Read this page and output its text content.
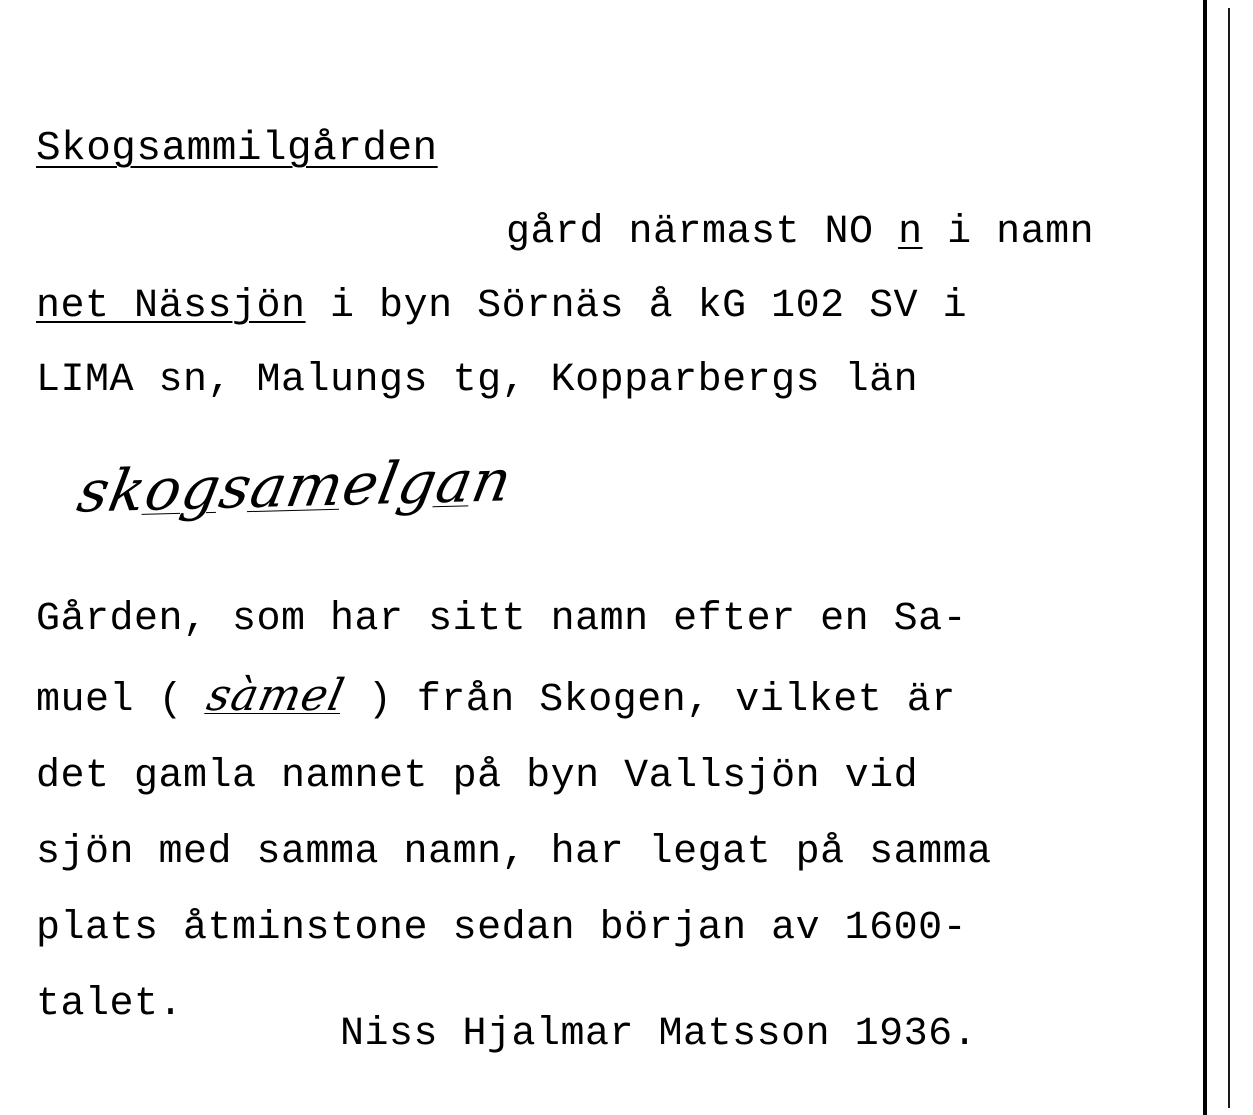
Skogsammilgården
gård närmast NO n i namn
net Nässjön i byn Sörnäs å kG 102 SV i
LIMA sn, Malungs tg, Kopparbergs län
skogsamelgan
Gården, som har sitt namn efter en Sa-
muel ( sàmel ) från Skogen, vilket är
det gamla namnet på byn Vallsjön vid
sjön med samma namn, har legat på samma
plats åtminstone sedan början av 1600-
talet.
Niss Hjalmar Matsson 1936.
